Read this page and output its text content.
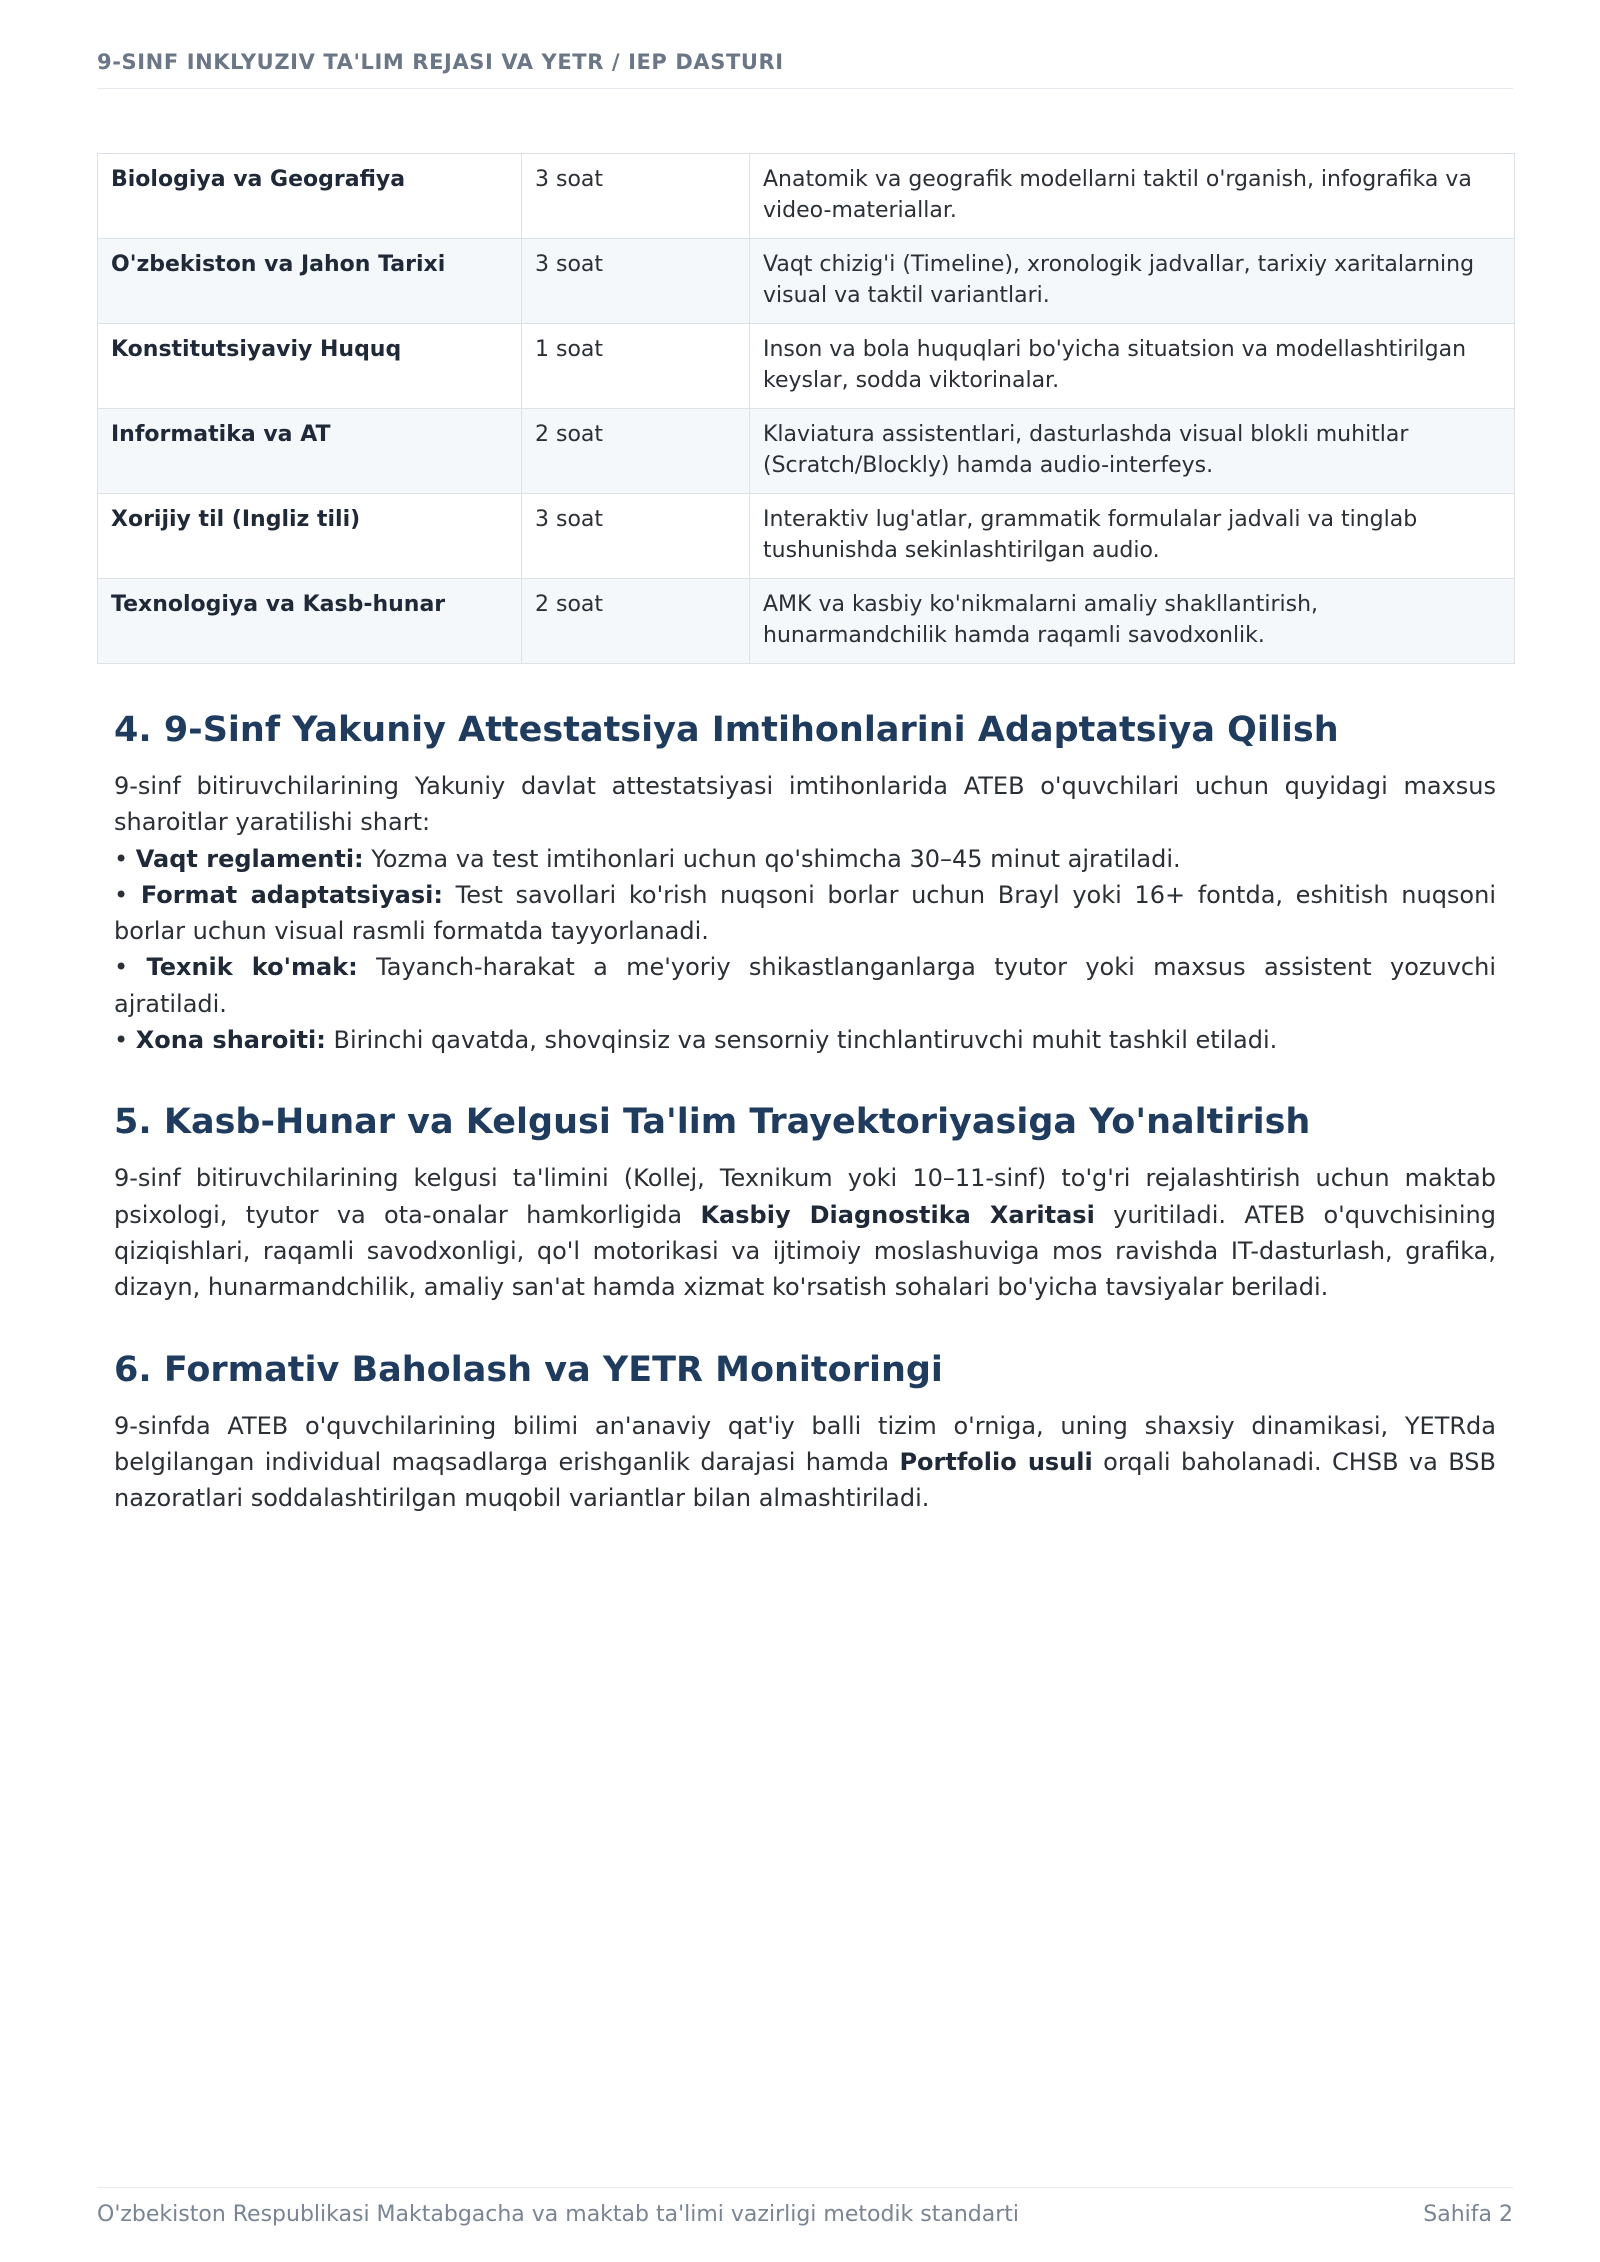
9-SINF INKLYUZIV TA'LIM REJASI VA YETR / IEP DASTURI
Biologiya va Geografiya	3 soat	Anatomik va geografik modellarni taktil o'rganish, infografika va video-materiallar.
O'zbekiston va Jahon Tarixi	3 soat	Vaqt chizig'i (Timeline), xronologik jadvallar, tarixiy xaritalarning visual va taktil variantlari.
Konstitutsiyaviy Huquq	1 soat	Inson va bola huquqlari bo'yicha situatsion va modellashtirilgan keyslar, sodda viktorinalar.
Informatika va AT	2 soat	Klaviatura assistentlari, dasturlashda visual blokli muhitlar (Scratch/Blockly) hamda audio-interfeys.
Xorijiy til (Ingliz tili)	3 soat	Interaktiv lug'atlar, grammatik formulalar jadvali va tinglab tushunishda sekinlashtirilgan audio.
Texnologiya va Kasb-hunar	2 soat	AMK va kasbiy ko'nikmalarni amaliy shakllantirish, hunarmandchilik hamda raqamli savodxonlik.
4. 9-Sinf Yakuniy Attestatsiya Imtihonlarini Adaptatsiya Qilish

9-sinf bitiruvchilarining Yakuniy davlat attestatsiyasi imtihonlarida ATEB o'quvchilari uchun quyidagi maxsus sharoitlar yaratilishi shart:

• Vaqt reglamenti: Yozma va test imtihonlari uchun qo'shimcha 30–45 minut ajratiladi.

• Format adaptatsiyasi: Test savollari ko'rish nuqsoni borlar uchun Brayl yoki 16+ fontda, eshitish nuqsoni borlar uchun visual rasmli formatda tayyorlanadi.

• Texnik ko'mak: Tayanch-harakat a me'yoriy shikastlanganlarga tyutor yoki maxsus assistent yozuvchi ajratiladi.

• Xona sharoiti: Birinchi qavatda, shovqinsiz va sensorniy tinchlantiruvchi muhit tashkil etiladi.

5. Kasb-Hunar va Kelgusi Ta'lim Trayektoriyasiga Yo'naltirish

9-sinf bitiruvchilarining kelgusi ta'limini (Kollej, Texnikum yoki 10–11-sinf) to'g'ri rejalashtirish uchun maktab psixologi, tyutor va ota-onalar hamkorligida Kasbiy Diagnostika Xaritasi yuritiladi. ATEB o'quvchisining qiziqishlari, raqamli savodxonligi, qo'l motorikasi va ijtimoiy moslashuviga mos ravishda IT-dasturlash, grafika, dizayn, hunarmandchilik, amaliy san'at hamda xizmat ko'rsatish sohalari bo'yicha tavsiyalar beriladi.

6. Formativ Baholash va YETR Monitoringi

9-sinfda ATEB o'quvchilarining bilimi an'anaviy qat'iy balli tizim o'rniga, uning shaxsiy dinamikasi, YETRda belgilangan individual maqsadlarga erishganlik darajasi hamda Portfolio usuli orqali baholanadi. CHSB va BSB nazoratlari soddalashtirilgan muqobil variantlar bilan almashtiriladi.

O'zbekiston Respublikasi Maktabgacha va maktab ta'limi vazirligi metodik standarti	Sahifa 2
